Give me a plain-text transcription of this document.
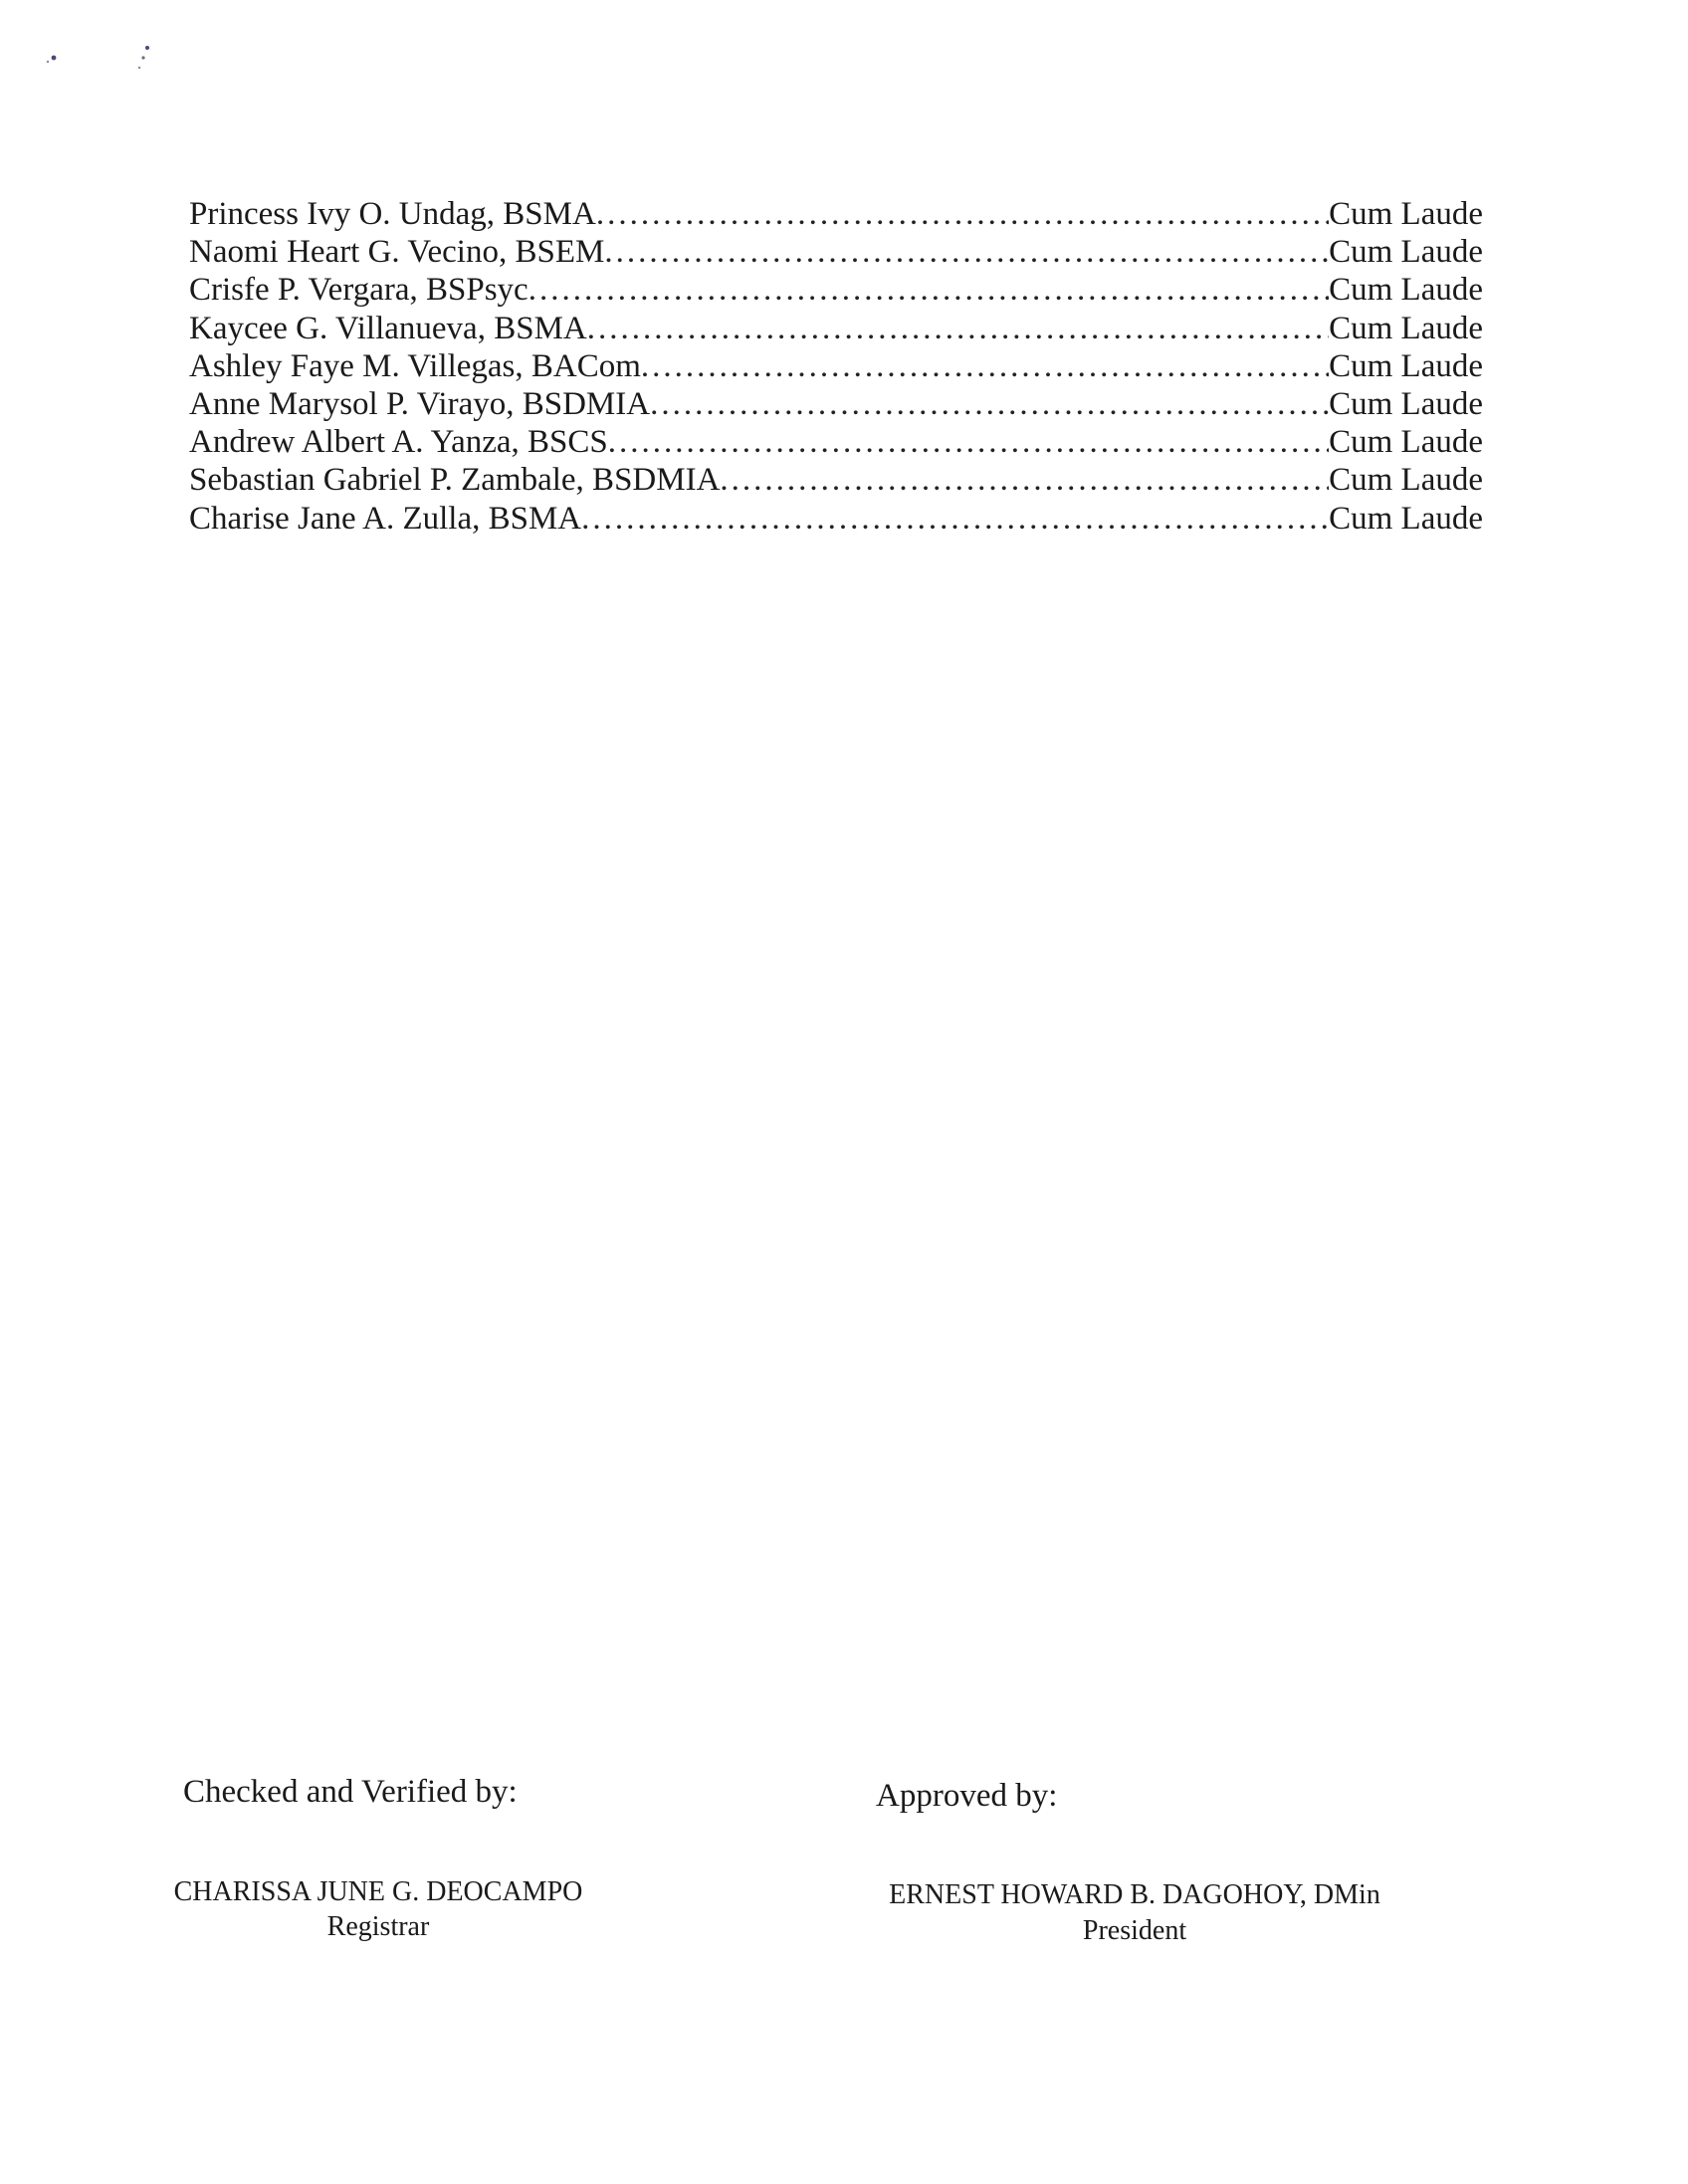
Princess Ivy O. Undag, BSMA .....	Cum Laude
Naomi Heart G. Vecino, BSEM .....	Cum Laude
Crisfe P. Vergara, BSPsyc .....	Cum Laude
Kaycee G. Villanueva, BSMA .....	Cum Laude
Ashley Faye M. Villegas, BACom .....	Cum Laude
Anne Marysol P. Virayo, BSDMIA .....	Cum Laude
Andrew Albert A. Yanza, BSCS .....	Cum Laude
Sebastian Gabriel P. Zambale, BSDMIA .....	Cum Laude
Charise Jane A. Zulla, BSMA .....	Cum Laude
Checked and Verified by:
CHARISSA JUNE G. DEOCAMPO
Registrar
Approved by:
ERNEST HOWARD B. DAGOHOY, DMin
President
